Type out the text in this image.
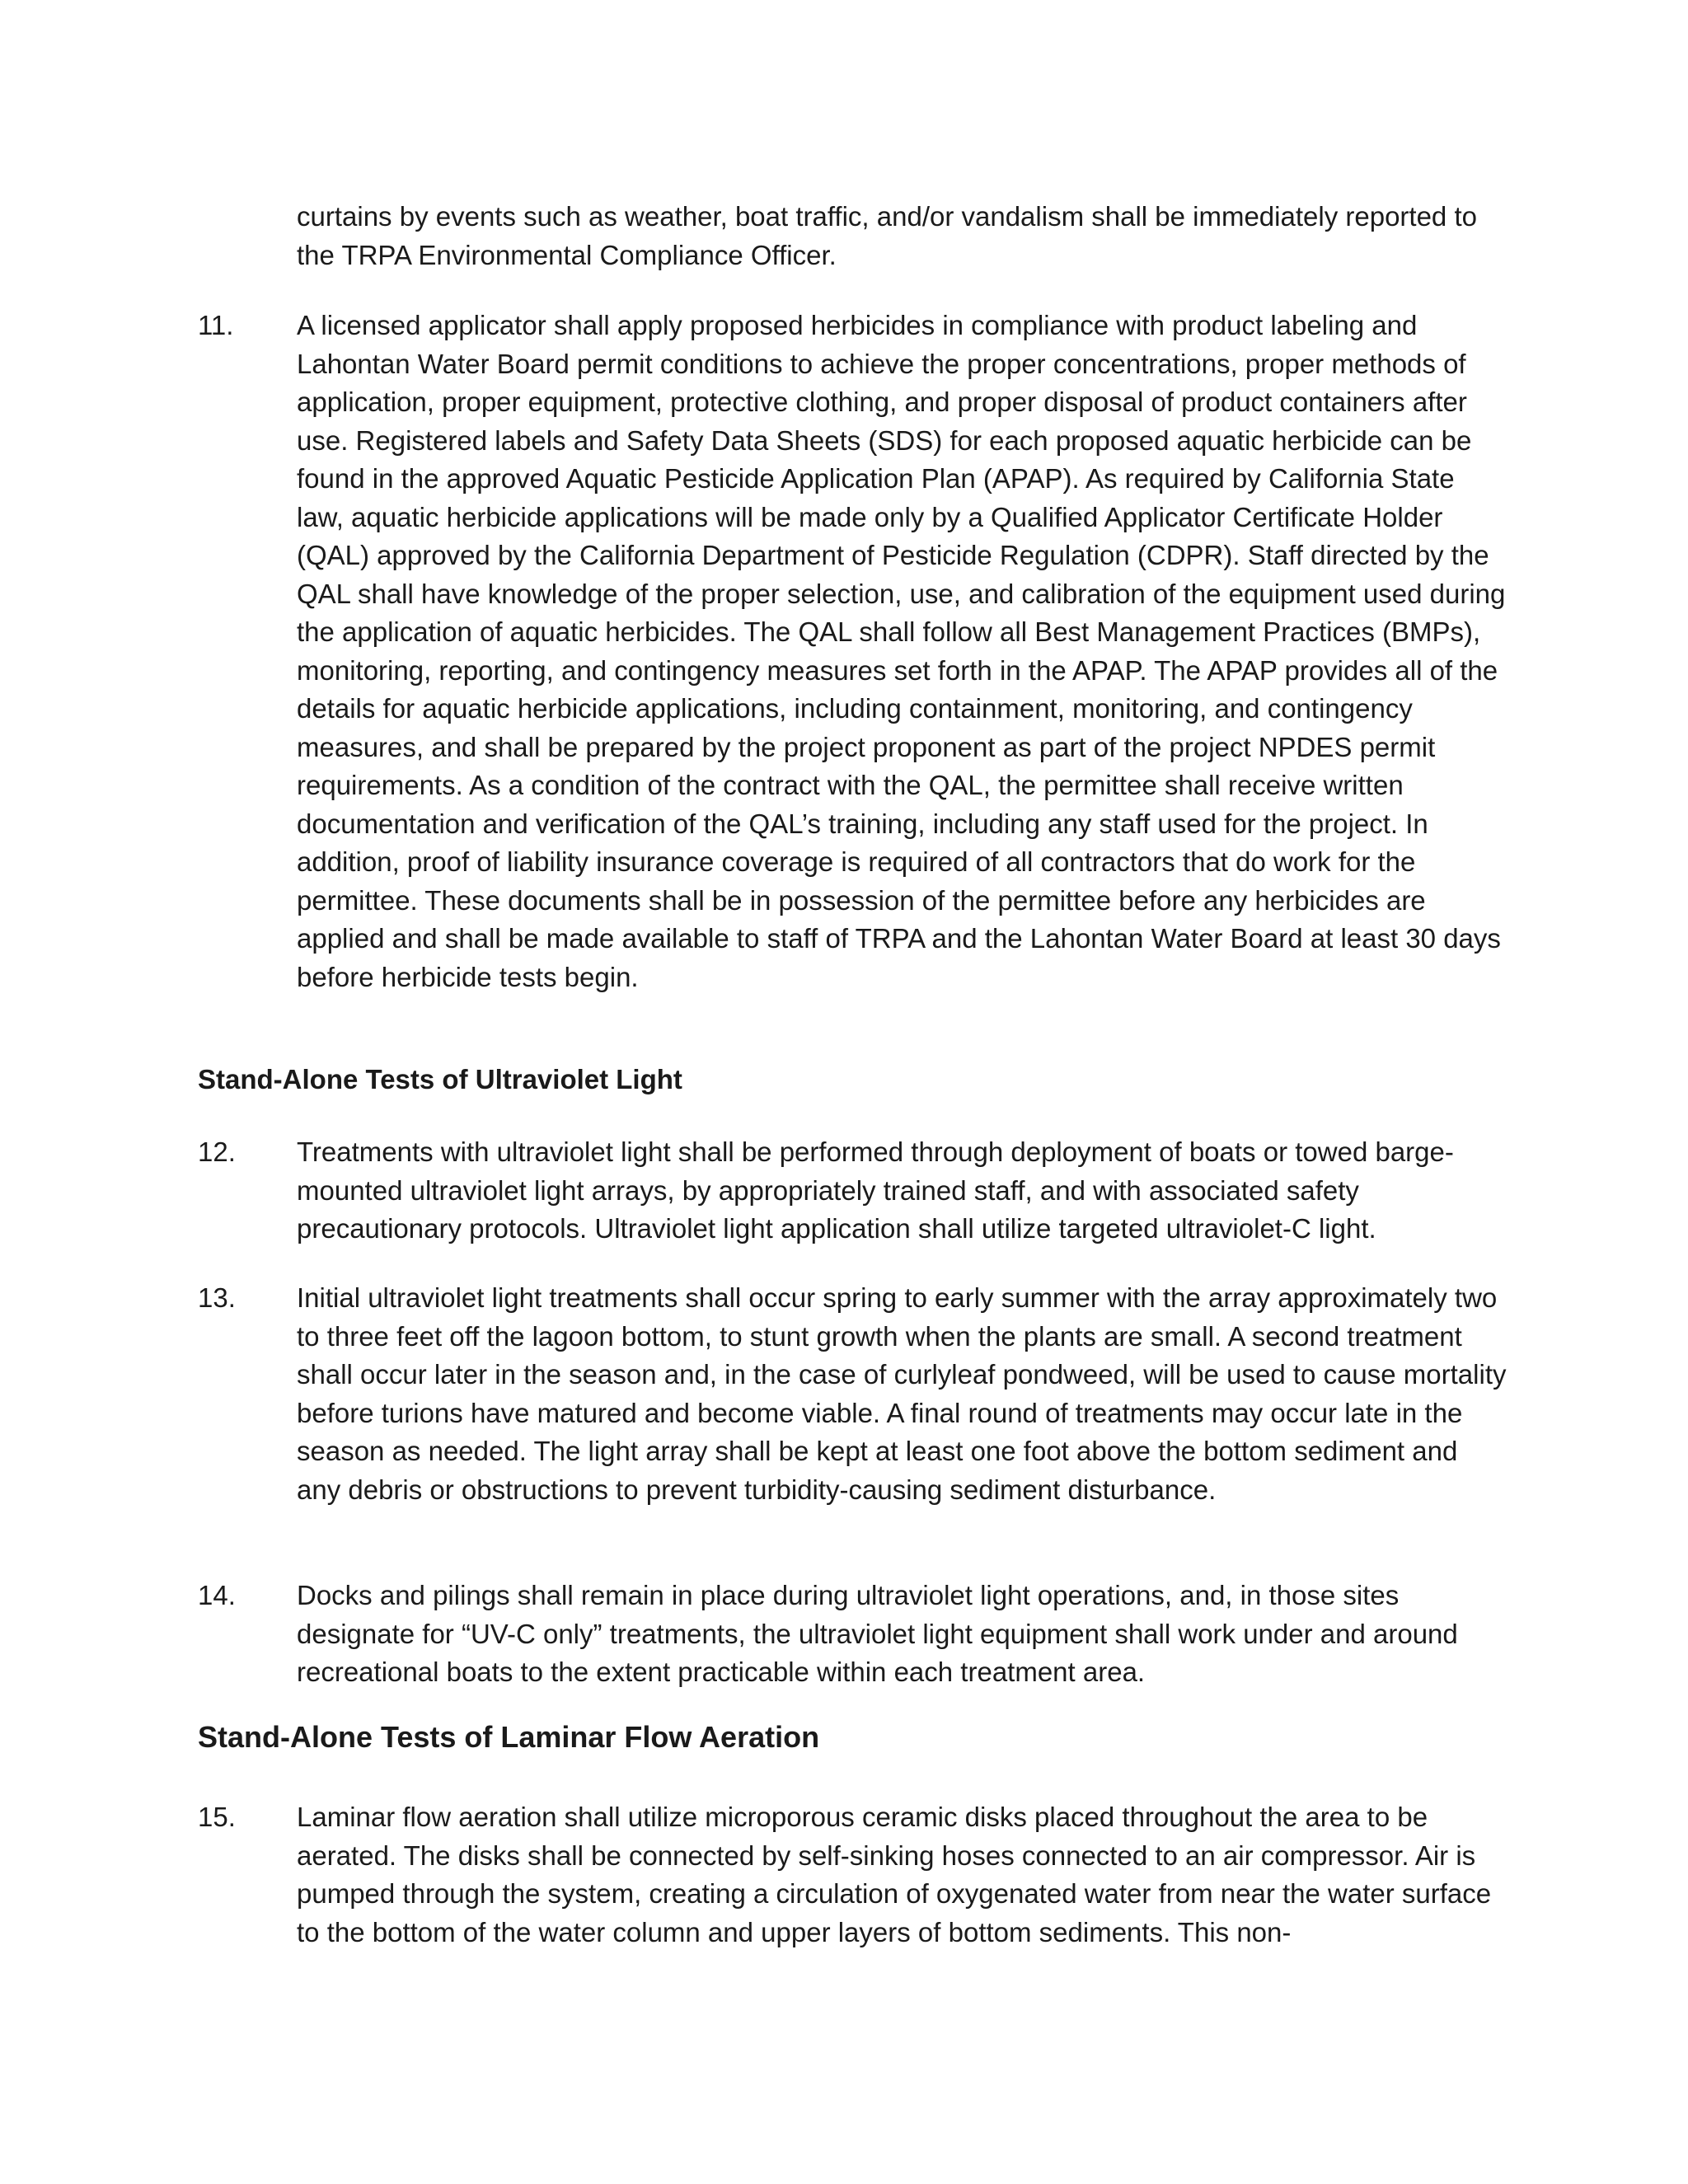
curtains by events such as weather, boat traffic, and/or vandalism shall be immediately reported to the TRPA Environmental Compliance Officer.

11. A licensed applicator shall apply proposed herbicides in compliance with product labeling and Lahontan Water Board permit conditions to achieve the proper concentrations, proper methods of application, proper equipment, protective clothing, and proper disposal of product containers after use. Registered labels and Safety Data Sheets (SDS) for each proposed aquatic herbicide can be found in the approved Aquatic Pesticide Application Plan (APAP). As required by California State law, aquatic herbicide applications will be made only by a Qualified Applicator Certificate Holder (QAL) approved by the California Department of Pesticide Regulation (CDPR). Staff directed by the QAL shall have knowledge of the proper selection, use, and calibration of the equipment used during the application of aquatic herbicides. The QAL shall follow all Best Management Practices (BMPs), monitoring, reporting, and contingency measures set forth in the APAP. The APAP provides all of the details for aquatic herbicide applications, including containment, monitoring, and contingency measures, and shall be prepared by the project proponent as part of the project NPDES permit requirements. As a condition of the contract with the QAL, the permittee shall receive written documentation and verification of the QAL’s training, including any staff used for the project. In addition, proof of liability insurance coverage is required of all contractors that do work for the permittee. These documents shall be in possession of the permittee before any herbicides are applied and shall be made available to staff of TRPA and the Lahontan Water Board at least 30 days before herbicide tests begin.

Stand-Alone Tests of Ultraviolet Light
12. Treatments with ultraviolet light shall be performed through deployment of boats or towed barge-mounted ultraviolet light arrays, by appropriately trained staff, and with associated safety precautionary protocols. Ultraviolet light application shall utilize targeted ultraviolet-C light.

13. Initial ultraviolet light treatments shall occur spring to early summer with the array approximately two to three feet off the lagoon bottom, to stunt growth when the plants are small. A second treatment shall occur later in the season and, in the case of curlyleaf pondweed, will be used to cause mortality before turions have matured and become viable. A final round of treatments may occur late in the season as needed. The light array shall be kept at least one foot above the bottom sediment and any debris or obstructions to prevent turbidity-causing sediment disturbance.

14. Docks and pilings shall remain in place during ultraviolet light operations, and, in those sites designate for “UV-C only” treatments, the ultraviolet light equipment shall work under and around recreational boats to the extent practicable within each treatment area.

Stand-Alone Tests of Laminar Flow Aeration
15. Laminar flow aeration shall utilize microporous ceramic disks placed throughout the area to be aerated. The disks shall be connected by self-sinking hoses connected to an air compressor. Air is pumped through the system, creating a circulation of oxygenated water from near the water surface to the bottom of the water column and upper layers of bottom sediments. This non-
